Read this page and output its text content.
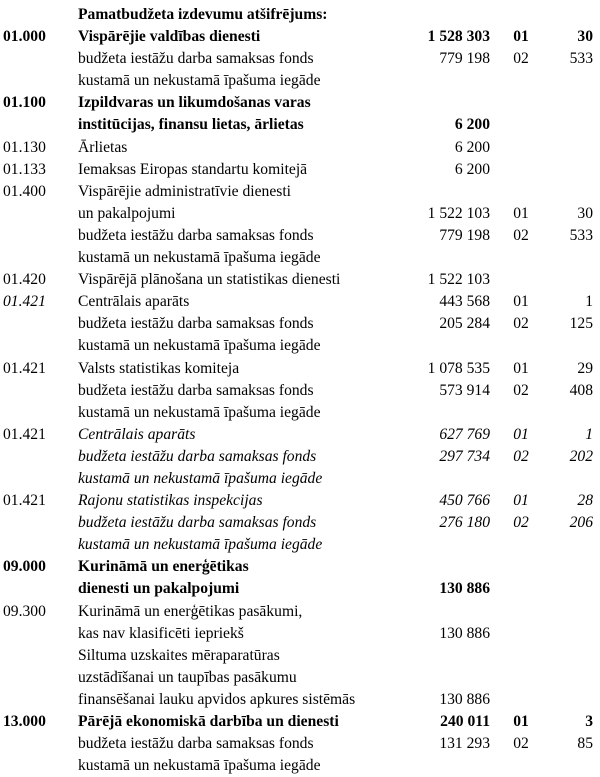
Pamatbudžeta izdevumu atšifrējums:
01.000	Vispārējie valdības dienesti	1 528 303	01	30
budžeta iestāžu darba samaksas fonds	779 198	02	533
kustamā un nekustamā īpašuma iegāde
01.100	Izpildvaras un likumdošanas varas
institūcijas, finansu lietas, ārlietas	6 200
01.130	Ārlietas	6 200
01.133	Iemaksas Eiropas standartu komitejā	6 200
01.400	Vispārējie administratīvie dienesti
un pakalpojumi	1 522 103	01	30
budžeta iestāžu darba samaksas fonds	779 198	02	533
kustamā un nekustamā īpašuma iegāde
01.420	Vispārējā plānošana un statistikas dienesti	1 522 103
01.421	Centrālais aparāts	443 568	01	1
budžeta iestāžu darba samaksas fonds	205 284	02	125
kustamā un nekustamā īpašuma iegāde
01.421	Valsts statistikas komiteja	1 078 535	01	29
budžeta iestāžu darba samaksas fonds	573 914	02	408
kustamā un nekustamā īpašuma iegāde
01.421	Centrālais aparāts	627 769	01	1
budžeta iestāžu darba samaksas fonds	297 734	02	202
kustamā un nekustamā īpašuma iegāde
01.421	Rajonu statistikas inspekcijas	450 766	01	28
budžeta iestāžu darba samaksas fonds	276 180	02	206
kustamā un nekustamā īpašuma iegāde
09.000	Kurināmā un enerģētikas
dienesti un pakalpojumi	130 886
09.300	Kurināmā un enerģētikas pasākumi,
kas nav klasificēti iepriekš	130 886
Siltuma uzskaites mēraparatūras
uzstādīšanai un taupības pasākumu
finansēšanai lauku apvidos apkures sistēmās	130 886
13.000	Pārējā ekonomiskā darbība un dienesti	240 011	01	3
budžeta iestāžu darba samaksas fonds	131 293	02	85
kustamā un nekustamā īpašuma iegāde
